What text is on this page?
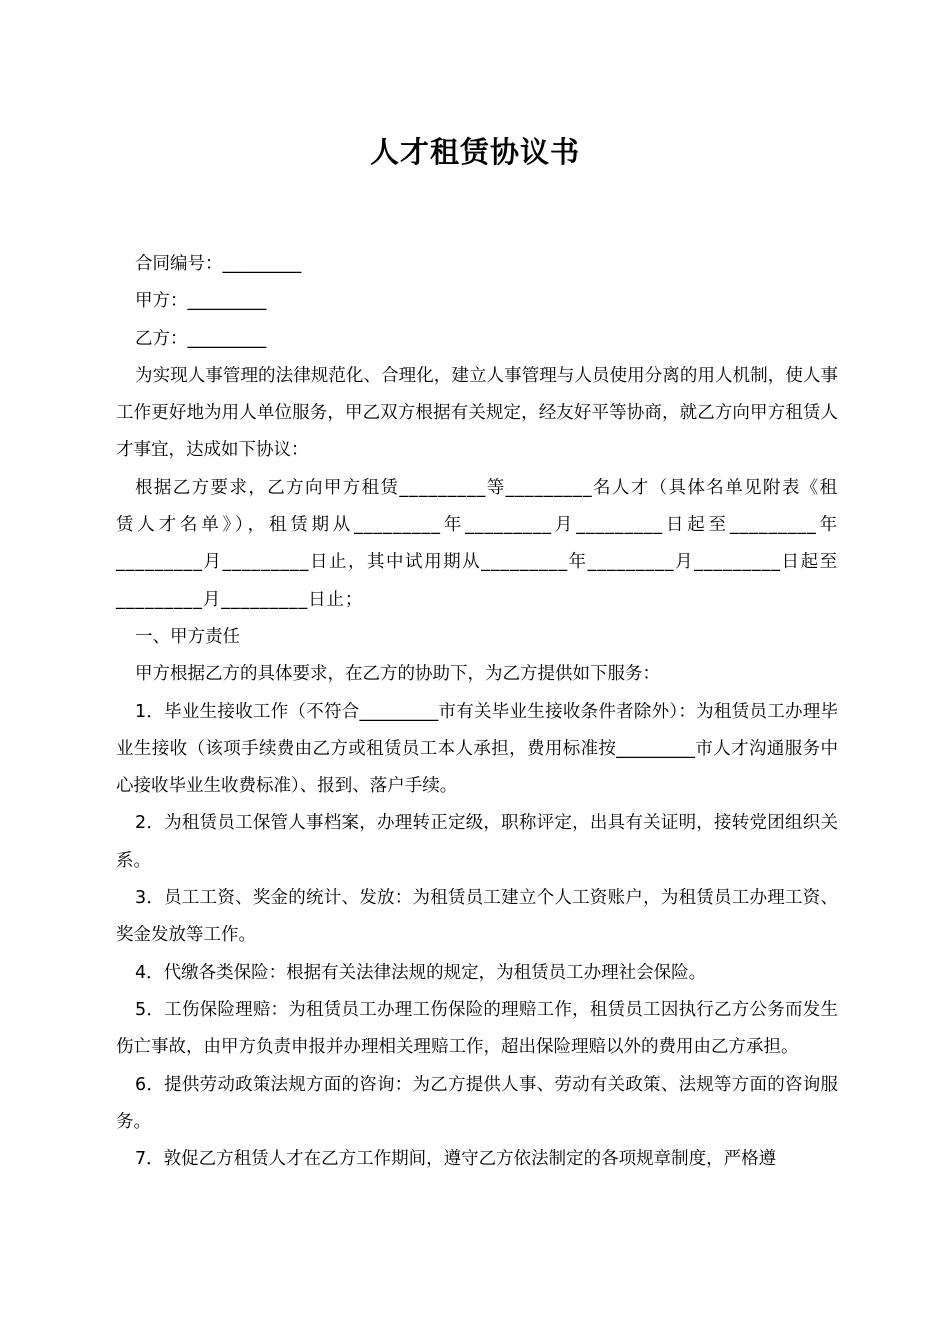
人才租赁协议书

合同编号：_________

甲方：_________

乙方：_________

为实现人事管理的法律规范化、合理化，建立人事管理与人员使用分离的用人机制，使人事工作更好地为用人单位服务，甲乙双方根据有关规定，经友好平等协商，就乙方向甲方租赁人才事宜，达成如下协议：

根据乙方要求，乙方向甲方租赁_________等_________名人才（具体名单见附表《租赁人才名单》），租赁期从_________年_________月_________日起至_________年_________月_________日止，其中试用期从_________年_________月_________日起至_________月_________日止；

一、甲方责任

甲方根据乙方的具体要求，在乙方的协助下，为乙方提供如下服务：

1．毕业生接收工作（不符合_________市有关毕业生接收条件者除外）：为租赁员工办理毕业生接收（该项手续费由乙方或租赁员工本人承担，费用标准按_________市人才沟通服务中心接收毕业生收费标准）、报到、落户手续。

2．为租赁员工保管人事档案，办理转正定级，职称评定，出具有关证明，接转党团组织关系。

3．员工工资、奖金的统计、发放：为租赁员工建立个人工资账户，为租赁员工办理工资、奖金发放等工作。

4．代缴各类保险：根据有关法律法规的规定，为租赁员工办理社会保险。

5．工伤保险理赔：为租赁员工办理工伤保险的理赔工作，租赁员工因执行乙方公务而发生伤亡事故，由甲方负责申报并办理相关理赔工作，超出保险理赔以外的费用由乙方承担。

6．提供劳动政策法规方面的咨询：为乙方提供人事、劳动有关政策、法规等方面的咨询服务。

7．敦促乙方租赁人才在乙方工作期间，遵守乙方依法制定的各项规章制度，严格遵
